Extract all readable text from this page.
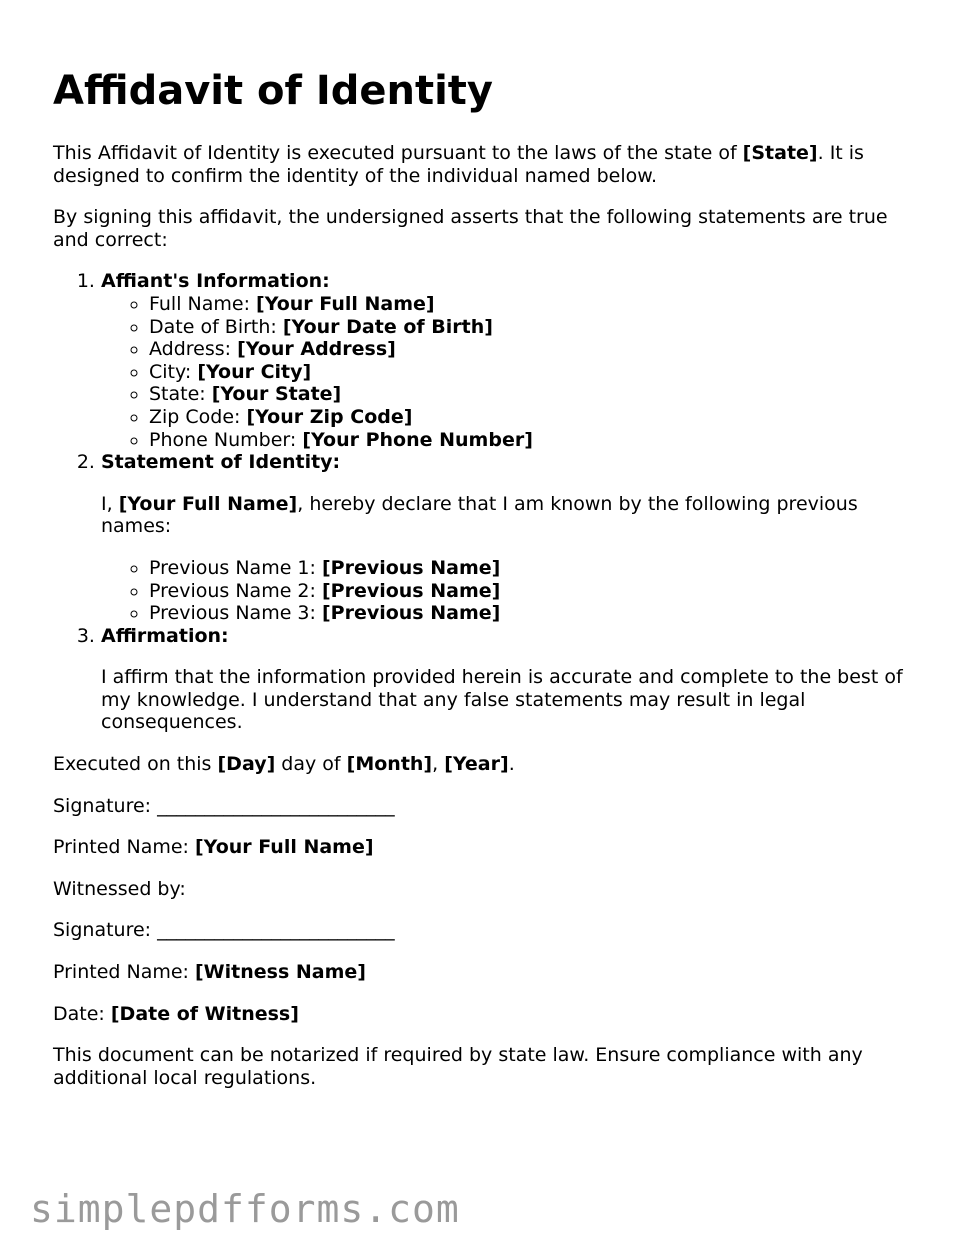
Affidavit of Identity

This Affidavit of Identity is executed pursuant to the laws of the state of [State]. It is designed to confirm the identity of the individual named below.

By signing this affidavit, the undersigned asserts that the following statements are true and correct:

1. Affiant's Information:
◦ Full Name: [Your Full Name]
◦ Date of Birth: [Your Date of Birth]
◦ Address: [Your Address]
◦ City: [Your City]
◦ State: [Your State]
◦ Zip Code: [Your Zip Code]
◦ Phone Number: [Your Phone Number]
2. Statement of Identity:

I, [Your Full Name], hereby declare that I am known by the following previous names:

◦ Previous Name 1: [Previous Name]
◦ Previous Name 2: [Previous Name]
◦ Previous Name 3: [Previous Name]
3. Affirmation:

I affirm that the information provided herein is accurate and complete to the best of my knowledge. I understand that any false statements may result in legal consequences.

Executed on this [Day] day of [Month], [Year].

Signature: _________________________

Printed Name: [Your Full Name]

Witnessed by:

Signature: _________________________

Printed Name: [Witness Name]

Date: [Date of Witness]

This document can be notarized if required by state law. Ensure compliance with any additional local regulations.

simplepdfforms.com
